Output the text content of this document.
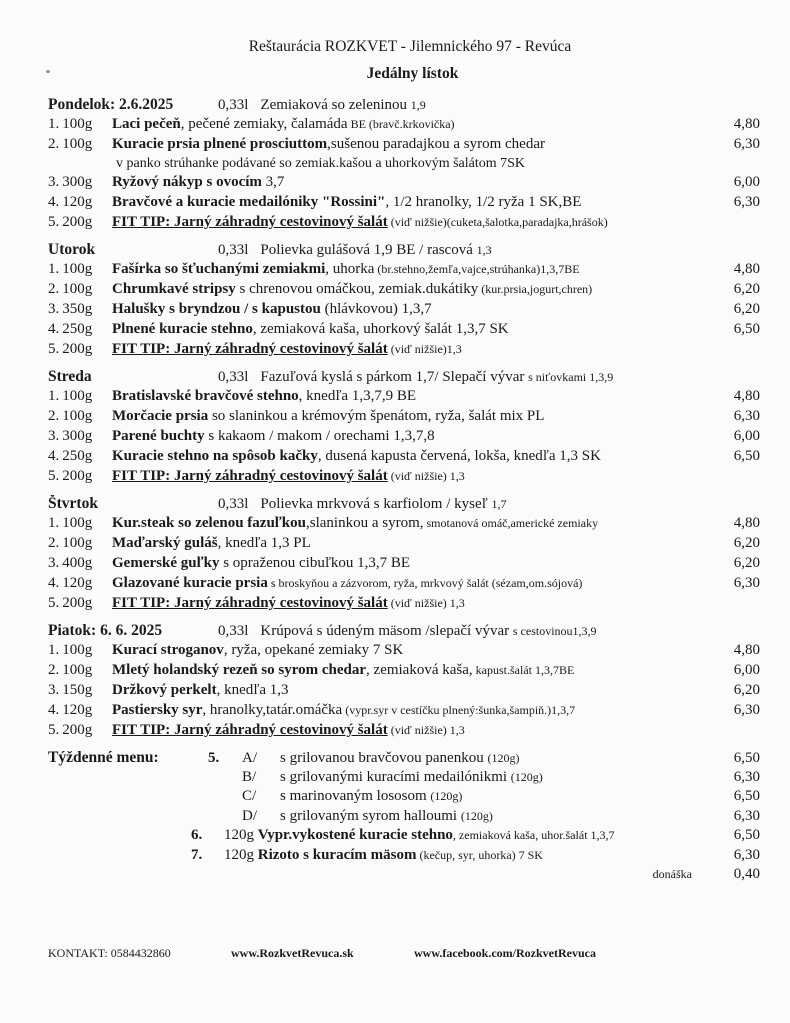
Reštaurácia ROZKVET - Jilemnického 97 - Revúca
Jedálny lístok
Pondelok: 2.6.2025	0,33l Zemiaková so zeleninou 1,9
1. 100g	Laci pečeň, pečené zemiaky, čalamáda BE (bravč.krkovička)	4,80
2. 100g	Kuracie prsia plnené prosciuttom,sušenou paradajkou a syrom chedar	6,30
v panko strúhanke podávané so zemiak.kašou a uhorkovým šalátom 7SK
3. 300g	Ryžový nákyp s ovocím 3,7	6,00
4. 120g	Bravčové a kuracie medailóniky "Rossini", 1/2 hranolky, 1/2 ryža 1 SK,BE	6,30
5. 200g	FIT TIP: Jarný záhradný cestovinový šalát (viď nižšie)(cuketa,šalotka,paradajka,hrášok)
Utorok	0,33l Polievka gulášová 1,9 BE / rascová 1,3
1. 100g	Fašírka so šťuchanými zemiakmi, uhorka (br.stehno,žemľa,vajce,strúhanka)1,3,7BE	4,80
2. 100g	Chrumkavé stripsy s chrenovou omáčkou, zemiak.dukátiky (kur.prsia,jogurt,chren)	6,20
3. 350g	Halušky s bryndzou / s kapustou (hlávkovou) 1,3,7	6,20
4. 250g	Plnené kuracie stehno, zemiaková kaša, uhorkový šalát 1,3,7 SK	6,50
5. 200g	FIT TIP: Jarný záhradný cestovinový šalát (viď nižšie)1,3
Streda	0,33l Fazuľová kyslá s párkom 1,7/ Slepačí vývar s niťovkami 1,3,9
1. 100g	Bratislavské bravčové stehno, knedľa 1,3,7,9 BE	4,80
2. 100g	Morčacie prsia so slaninkou a krémovým špenátom, ryža, šalát mix PL	6,30
3. 300g	Parené buchty s kakaom / makom / orechami 1,3,7,8	6,00
4. 250g	Kuracie stehno na spôsob kačky, dusená kapusta červená, lokša, knedľa 1,3 SK	6,50
5. 200g	FIT TIP: Jarný záhradný cestovinový šalát (viď nižšie) 1,3
Štvrtok	0,33l Polievka mrkvová s karfiolom / kyseľ 1,7
1. 100g	Kur.steak so zelenou fazuľkou,slaninkou a syrom, smotanová omáč,americké zemiaky	4,80
2. 100g	Maďarský guláš, knedľa 1,3 PL	6,20
3. 400g	Gemerské guľky s opraženou cibuľkou 1,3,7 BE	6,20
4. 120g	Glazované kuracie prsia s broskyňou a zázvorom, ryža, mrkvový šalát (sézam,om.sójová)	6,30
5. 200g	FIT TIP: Jarný záhradný cestovinový šalát (viď nižšie) 1,3
Piatok: 6. 6. 2025	0,33l Krúpová s údeným mäsom /slepačí vývar s cestovinou1,3,9
1. 100g	Kurací stroganov, ryža, opekané zemiaky 7 SK	4,80
2. 100g	Mletý holandský rezeň so syrom chedar, zemiaková kaša, kapust.šalát 1,3,7BE	6,00
3. 150g	Držkový perkelt, knedľa 1,3	6,20
4. 120g	Pastiersky syr, hranolky,tatár.omáčka (vypr.syr v cestíčku plnený:šunka,šampiň.)1,3,7	6,30
5. 200g	FIT TIP: Jarný záhradný cestovinový šalát (viď nižšie) 1,3
Týždenné menu:	5.	A/	s grilovanou bravčovou panenkou (120g)	6,50
B/	s grilovanými kuracími medailónikmi (120g)	6,30
C/	s marinovaným lososom (120g)	6,50
D/	s grilovaným syrom halloumi (120g)	6,30
6.	120g Vypr.vykostené kuracie stehno, zemiaková kaša, uhor.šalát 1,3,7	6,50
7.	120g Rizoto s kuracím mäsom (kečup, syr, uhorka) 7 SK	6,30
donáška	0,40
KONTAKT: 0584432860	www.RozkvetRevuca.sk	www.facebook.com/RozkvetRevuca
